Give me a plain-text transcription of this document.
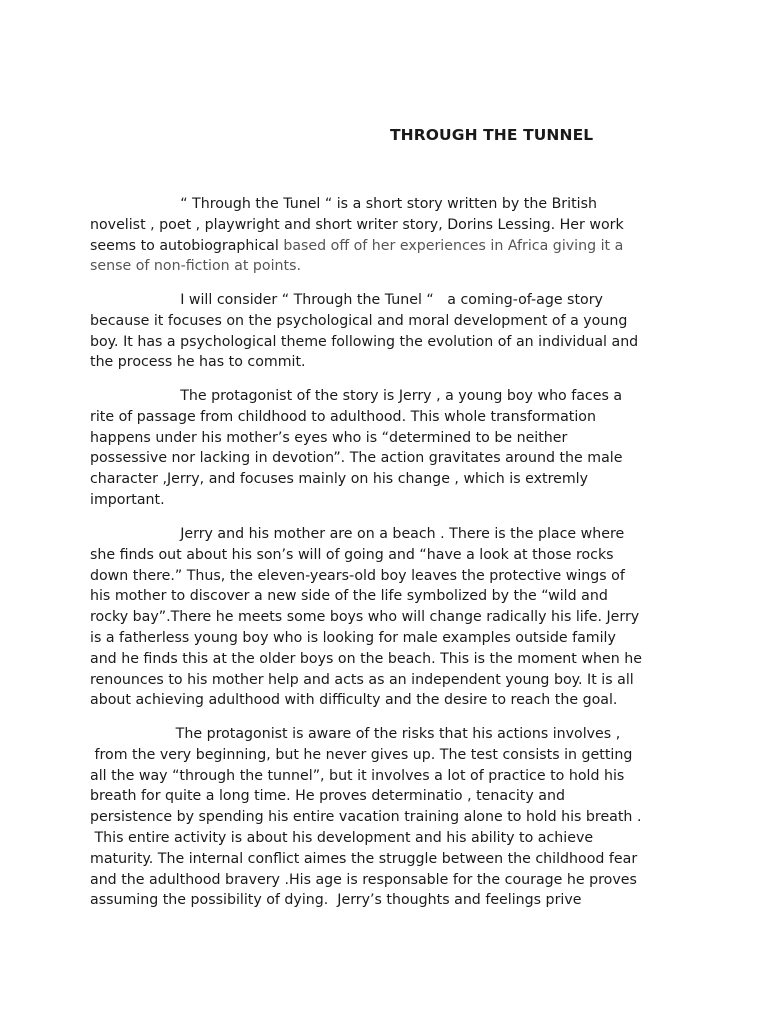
THROUGH THE TUNNEL
“ Through the Tunel “ is a short story written by the British
novelist , poet , playwright and short writer story, Dorins Lessing. Her work
seems to autobiographical based off of her experiences in Africa giving it a
sense of non-fiction at points.
I will consider “ Through the Tunel “   a coming-of-age story
because it focuses on the psychological and moral development of a young
boy. It has a psychological theme following the evolution of an individual and
the process he has to commit.
The protagonist of the story is Jerry , a young boy who faces a
rite of passage from childhood to adulthood. This whole transformation
happens under his mother’s eyes who is “determined to be neither
possessive nor lacking in devotion”. The action gravitates around the male
character ,Jerry, and focuses mainly on his change , which is extremly
important.
Jerry and his mother are on a beach . There is the place where
she finds out about his son’s will of going and “have a look at those rocks
down there.” Thus, the eleven-years-old boy leaves the protective wings of
his mother to discover a new side of the life symbolized by the “wild and
rocky bay”.There he meets some boys who will change radically his life. Jerry
is a fatherless young boy who is looking for male examples outside family
and he finds this at the older boys on the beach. This is the moment when he
renounces to his mother help and acts as an independent young boy. It is all
about achieving adulthood with difficulty and the desire to reach the goal.
The protagonist is aware of the risks that his actions involves ,
from the very beginning, but he never gives up. The test consists in getting
all the way “through the tunnel”, but it involves a lot of practice to hold his
breath for quite a long time. He proves determinatio , tenacity and
persistence by spending his entire vacation training alone to hold his breath .
This entire activity is about his development and his ability to achieve
maturity. The internal conflict aimes the struggle between the childhood fear
and the adulthood bravery .His age is responsable for the courage he proves
assuming the possibility of dying.  Jerry’s thoughts and feelings prive
